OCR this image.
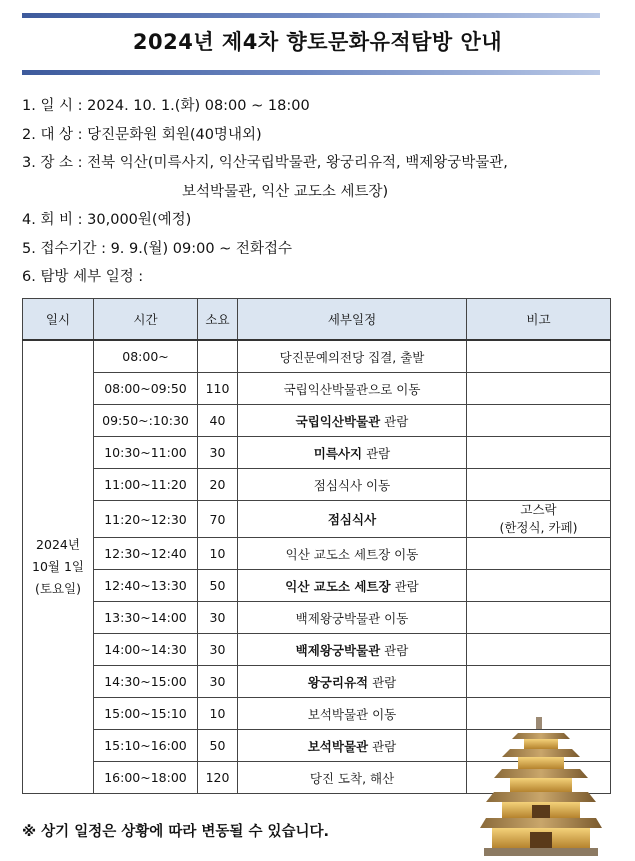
2024년 제4차 향토문화유적탐방 안내
1. 일 시 : 2024. 10. 1.(화) 08:00 ~ 18:00
2. 대 상 : 당진문화원 회원(40명내외)
3. 장 소 : 전북 익산(미륵사지, 익산국립박물관, 왕궁리유적, 백제왕궁박물관,
보석박물관, 익산 교도소 세트장)
4. 회 비 : 30,000원(예정)
5. 접수기간 : 9. 9.(월) 09:00 ~ 전화접수
6. 탐방 세부 일정 :
일시	시간	소요	세부일정	비고

2024년
10월 1일
(토요일)	08:00~		당진문예의전당 집결, 출발	
	08:00~09:50	110	국립익산박물관으로 이동	
	09:50~:10:30	40	국립익산박물관 관람	
	10:30~11:00	30	미륵사지 관람	
	11:00~11:20	20	점심식사 이동	
	11:20~12:30	70	점심식사	고스락
(한정식, 카페)

	12:30~12:40	10	익산 교도소 세트장 이동	
	12:40~13:30	50	익산 교도소 세트장 관람	
	13:30~14:00	30	백제왕궁박물관 이동	
	14:00~14:30	30	백제왕궁박물관 관람	
	14:30~15:00	30	왕궁리유적 관람	
	15:00~15:10	10	보석박물관 이동	
	15:10~16:00	50	보석박물관 관람	
	16:00~18:00	120	당진 도착, 해산	
※ 상기 일정은 상황에 따라 변동될 수 있습니다.
